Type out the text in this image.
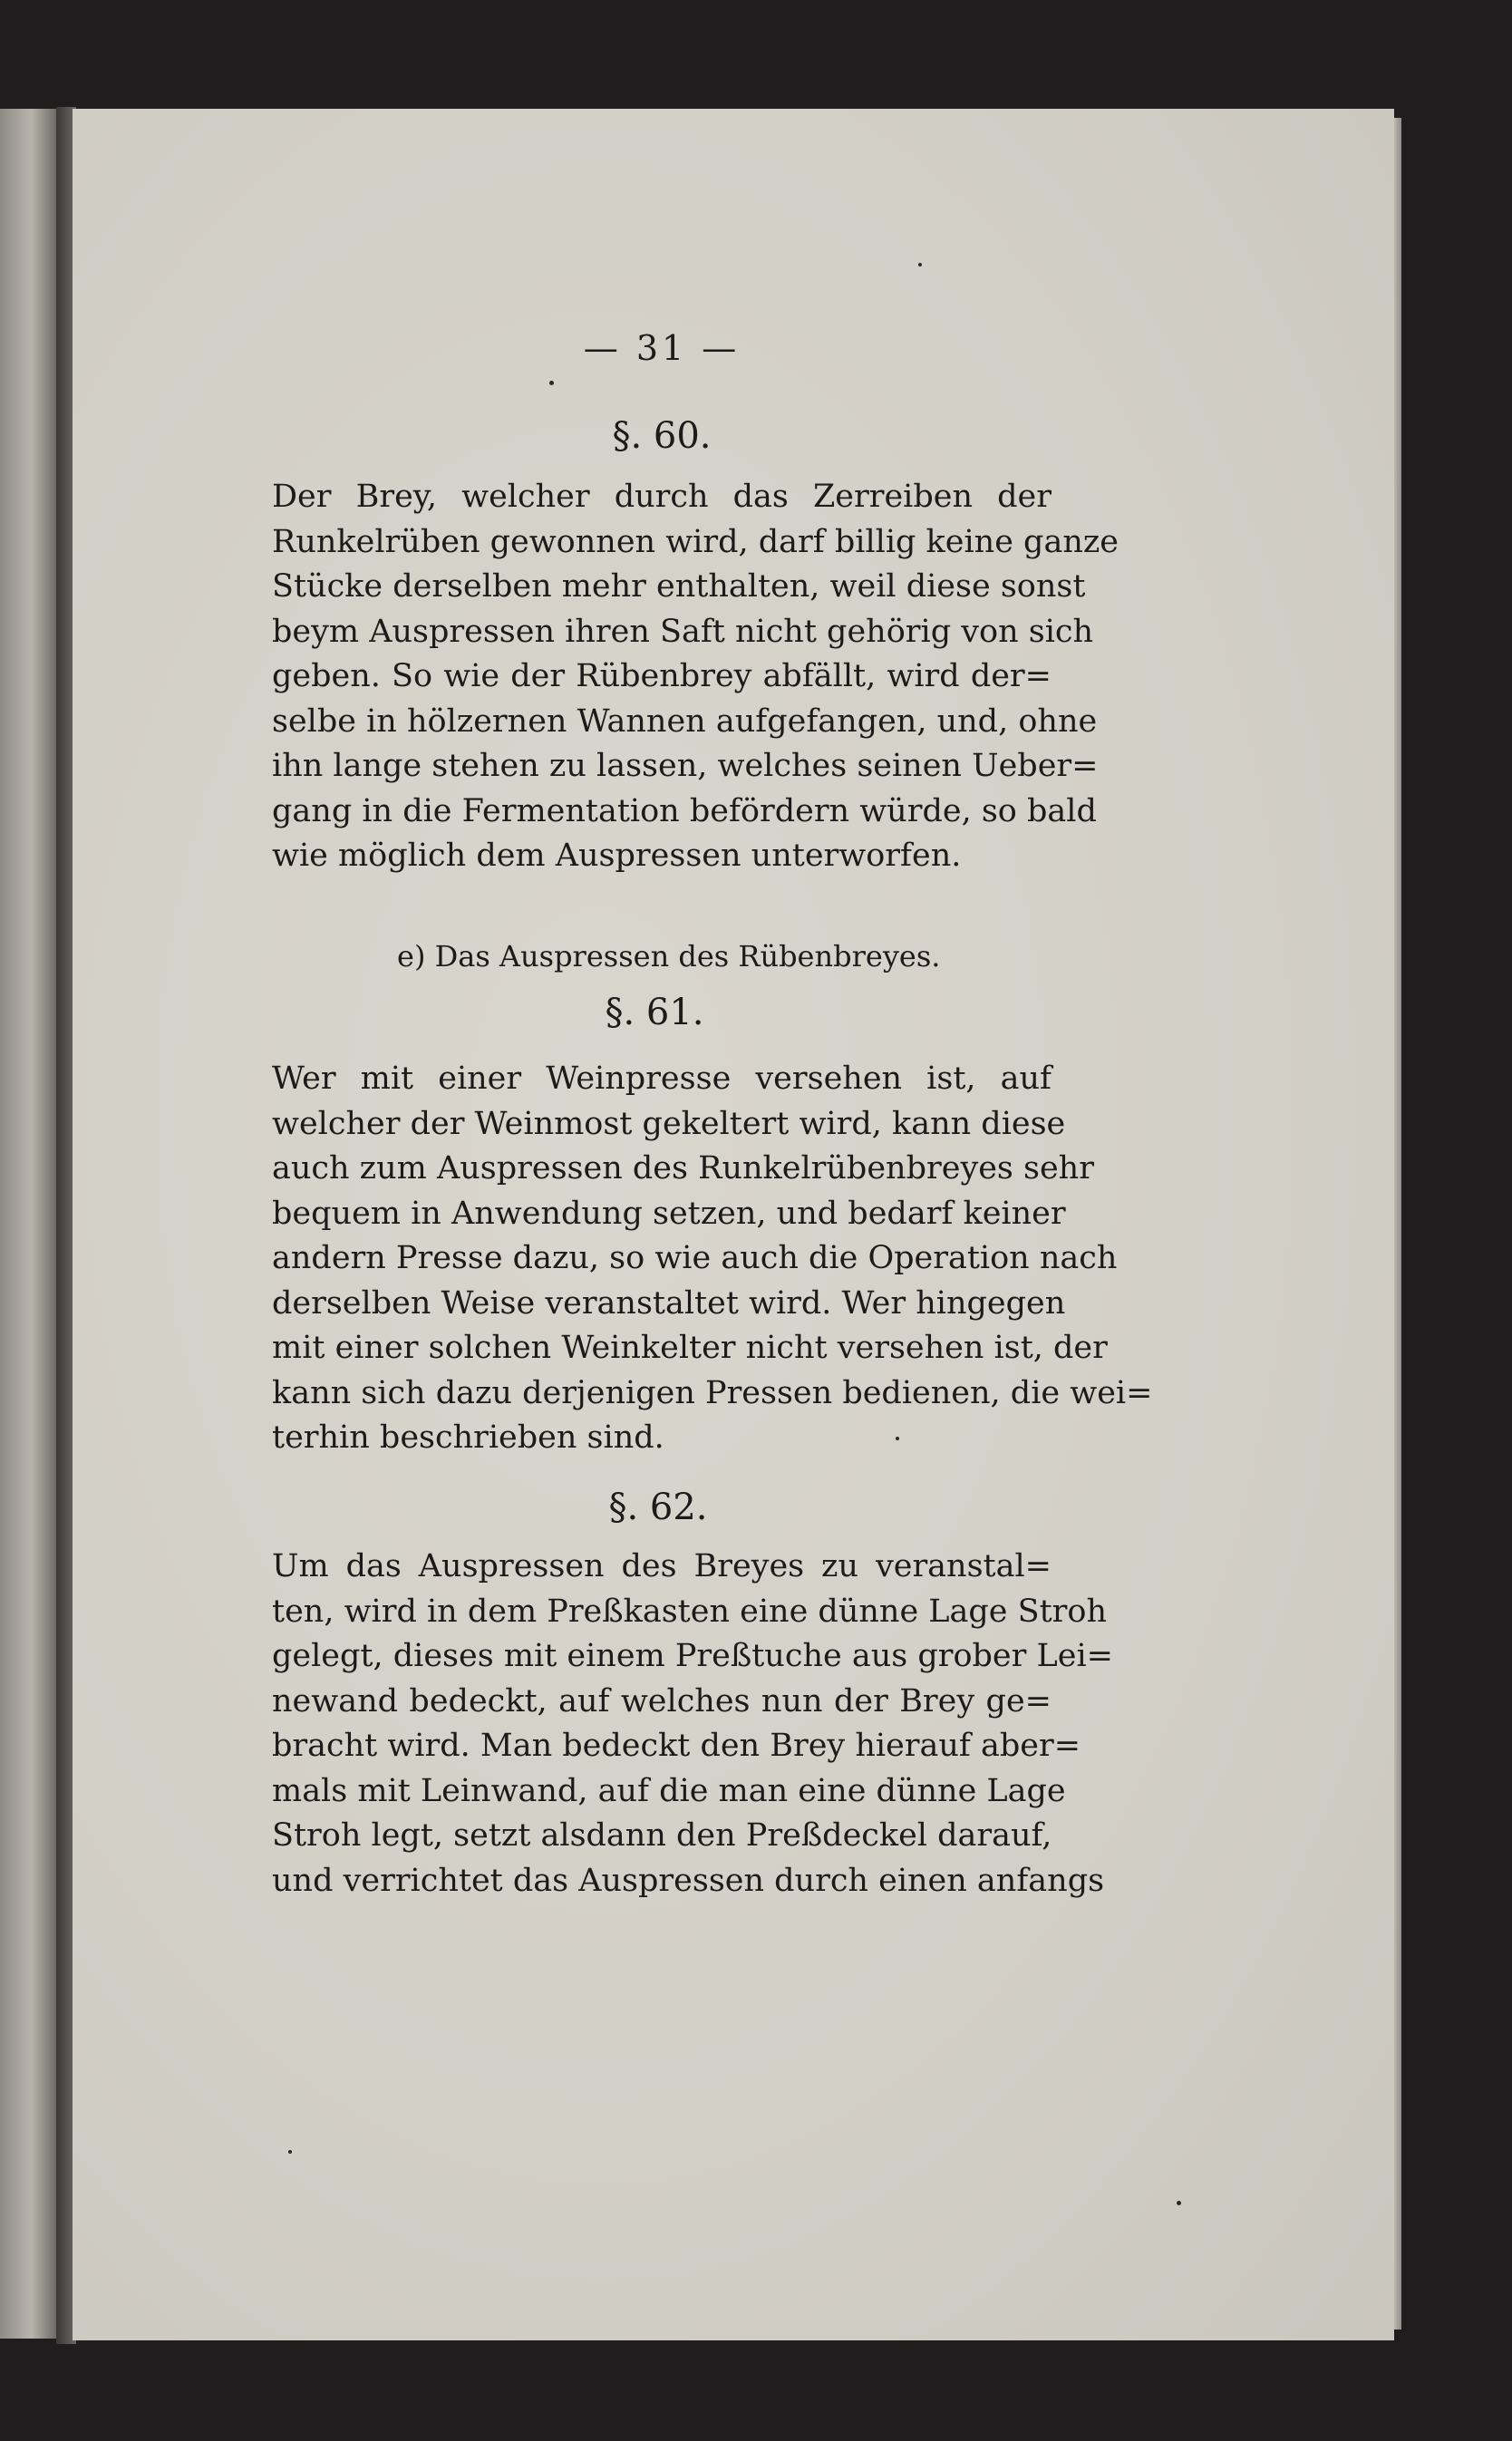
— 31 —
§. 60.
Der Brey, welcher durch das Zerreiben der
Runkelrüben gewonnen wird, darf billig keine ganze
Stücke derselben mehr enthalten, weil diese sonst
beym Auspressen ihren Saft nicht gehörig von sich
geben. So wie der Rübenbrey abfällt, wird der=
selbe in hölzernen Wannen aufgefangen, und, ohne
ihn lange stehen zu lassen, welches seinen Ueber=
gang in die Fermentation befördern würde, so bald
wie möglich dem Auspressen unterworfen.
e) Das Auspressen des Rübenbreyes.
§. 61.
Wer mit einer Weinpresse versehen ist, auf
welcher der Weinmost gekeltert wird, kann diese
auch zum Auspressen des Runkelrübenbreyes sehr
bequem in Anwendung setzen, und bedarf keiner
andern Presse dazu, so wie auch die Operation nach
derselben Weise veranstaltet wird. Wer hingegen
mit einer solchen Weinkelter nicht versehen ist, der
kann sich dazu derjenigen Pressen bedienen, die wei=
terhin beschrieben sind.
§. 62.
Um das Auspressen des Breyes zu veranstal=
ten, wird in dem Preßkasten eine dünne Lage Stroh
gelegt, dieses mit einem Preßtuche aus grober Lei=
newand bedeckt, auf welches nun der Brey ge=
bracht wird. Man bedeckt den Brey hierauf aber=
mals mit Leinwand, auf die man eine dünne Lage
Stroh legt, setzt alsdann den Preßdeckel darauf,
und verrichtet das Auspressen durch einen anfangs
